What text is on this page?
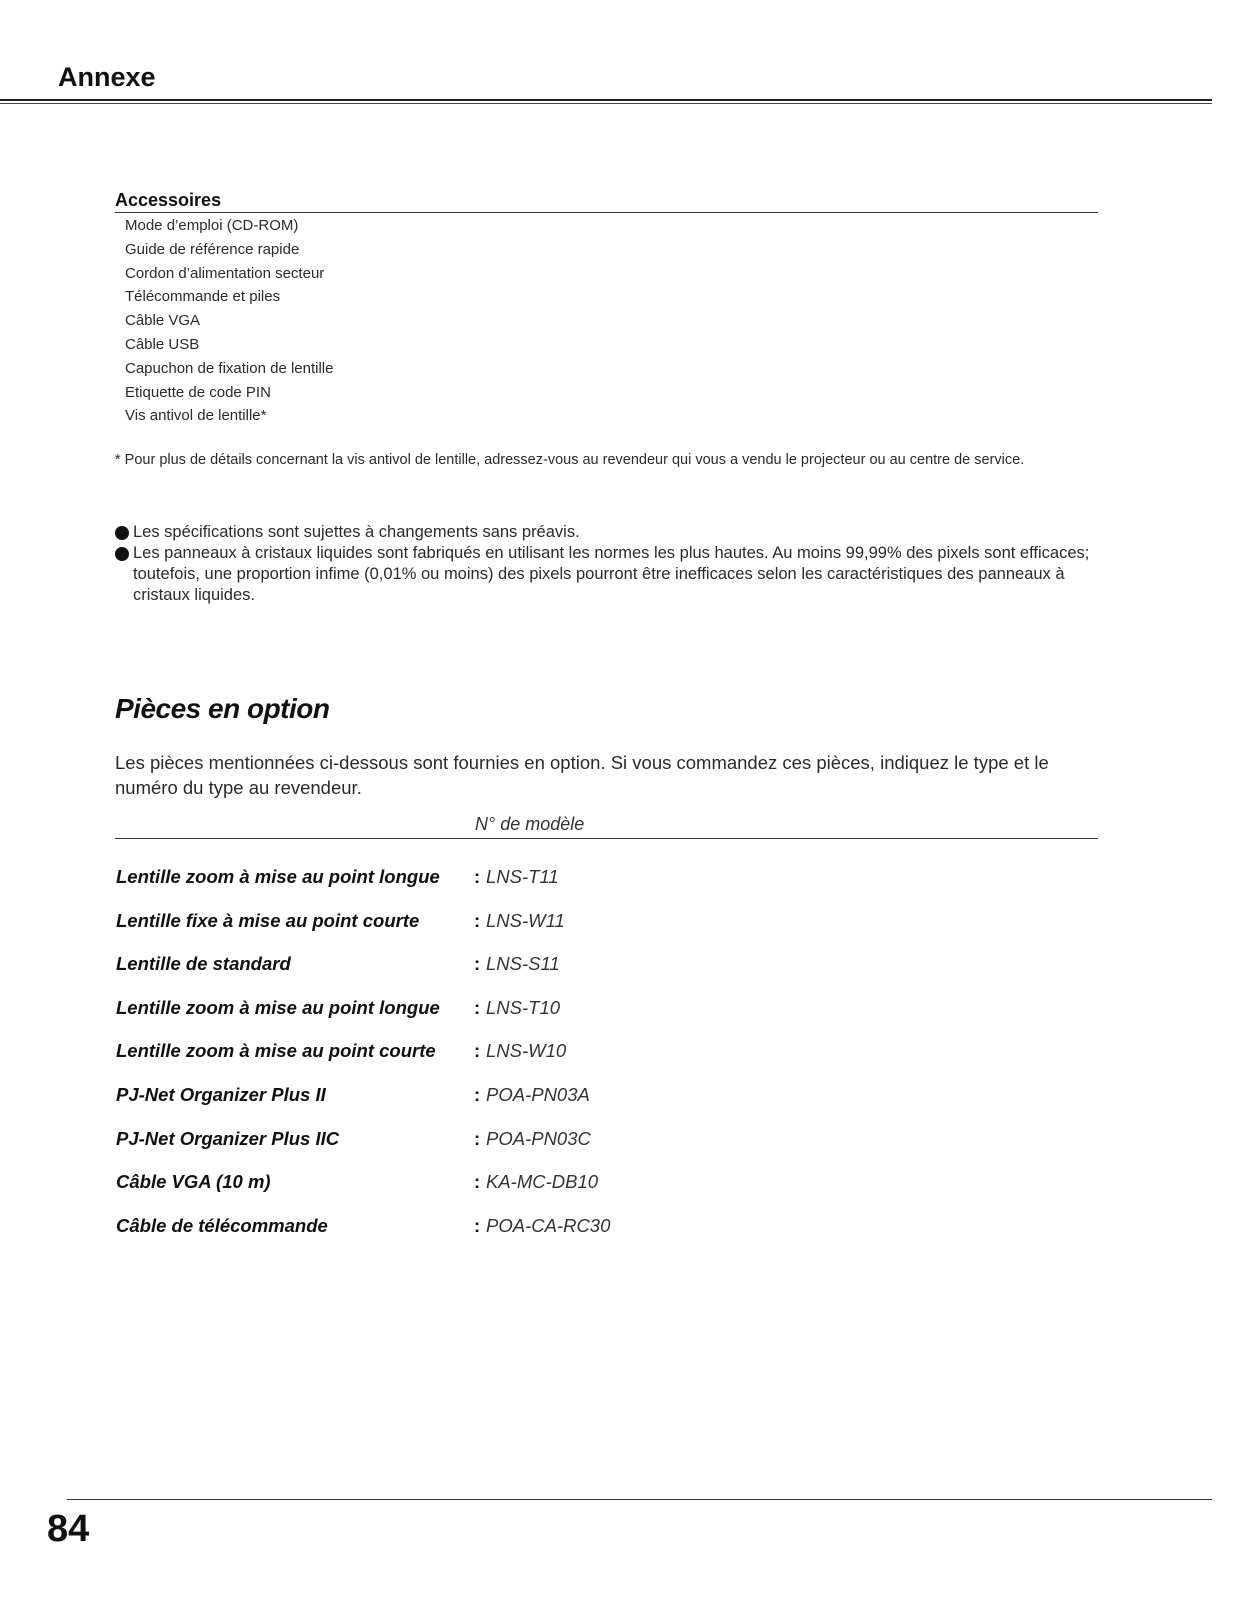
Annexe
Accessoires
Mode d’emploi (CD-ROM)
Guide de référence rapide
Cordon d’alimentation secteur
Télécommande et piles
Câble VGA
Câble USB
Capuchon de fixation de lentille
Etiquette de code PIN
Vis antivol de lentille*
* Pour plus de détails concernant la vis antivol de lentille, adressez-vous au revendeur qui vous a vendu le projecteur ou au centre de service.
Les spécifications sont sujettes à changements sans préavis.
Les panneaux à cristaux liquides sont fabriqués en utilisant les normes les plus hautes. Au moins 99,99% des pixels sont efficaces; toutefois, une proportion infime (0,01% ou moins) des pixels pourront être inefficaces selon les caractéristiques des panneaux à cristaux liquides.
Pièces en option
Les pièces mentionnées ci-dessous sont fournies en option. Si vous commandez ces pièces, indiquez le type et le numéro du type au revendeur.
N° de modèle
Lentille zoom à mise au point longue : LNS-T11
Lentille fixe à mise au point courte	: LNS-W11
Lentille de standard	: LNS-S11
Lentille zoom à mise au point longue : LNS-T10
Lentille zoom à mise au point courte : LNS-W10
PJ-Net Organizer Plus II	: POA-PN03A
PJ-Net Organizer Plus IIC	: POA-PN03C
Câble VGA (10 m)	: KA-MC-DB10
Câble de télécommande	: POA-CA-RC30
84
